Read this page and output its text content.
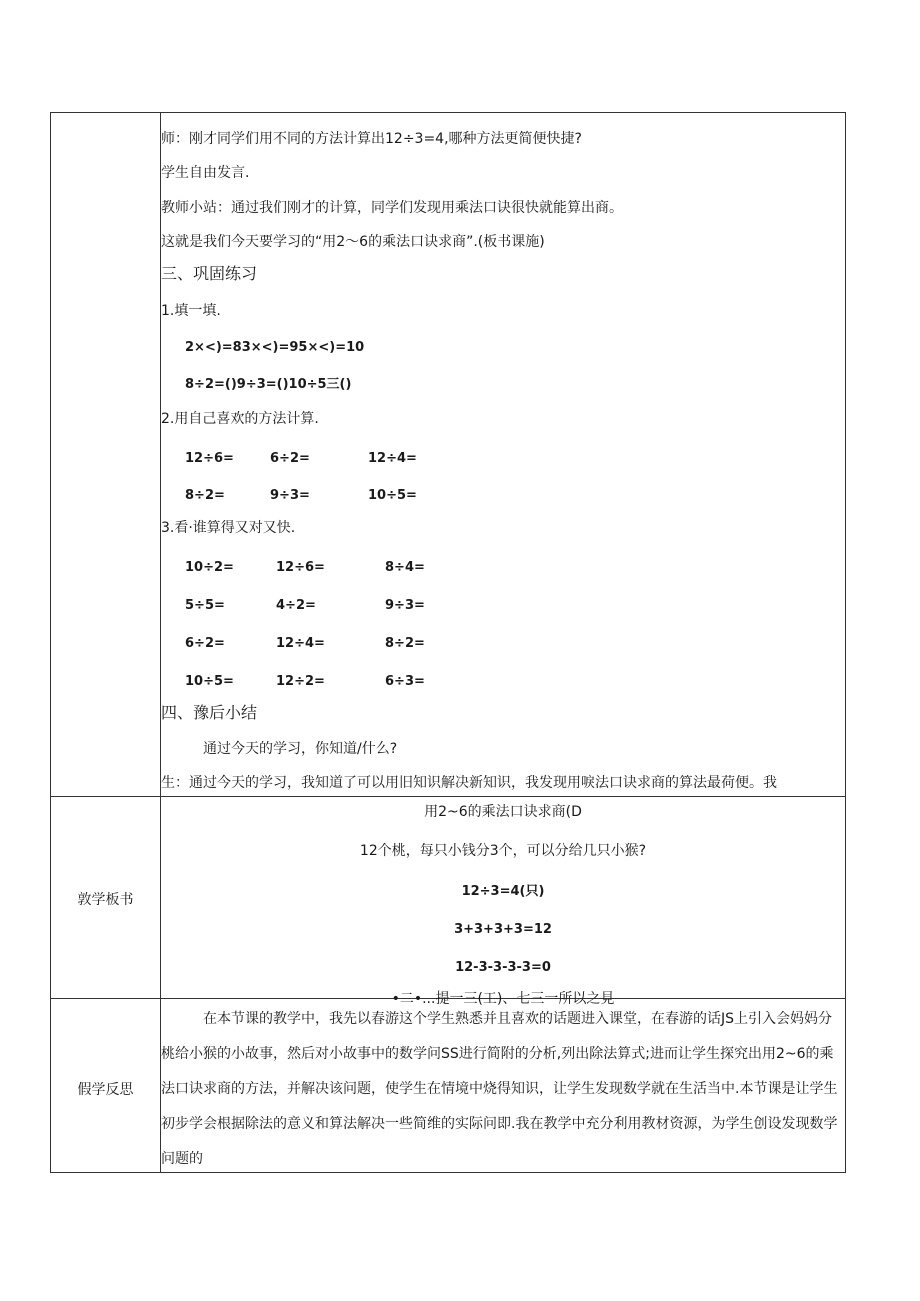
师：刚才同学们用不同的方法计算出12÷3=4,哪种方法更简便快捷?
学生自由发言.
教师小站：通过我们刚才的计算，同学们发现用乘法口诀很快就能算出商。
这就是我们今天要学习的“用2〜6的乘法口诀求商”.(板书课施)
三、巩固练习
1.填一填.
2×<)=83×<)=95×<)=10
8÷2=()9÷3=()10÷5三()
2.用自己喜欢的方法计算.
12÷6=	6÷2=	12÷4=
8÷2=	9÷3=	10÷5=
3.看·谁算得又对又快.
10÷2=	12÷6=	8÷4=
5÷5=	4÷2=	9÷3=
6÷2=	12÷4=	8÷2=
10÷5=	12÷2=	6÷3=
四、豫后小结
通过今天的学习，你知道/什么?
生：通过今天的学习，我知道了可以用旧知识解决新知识，我发现用唳法口诀求商的算法最荷便。我
敦学板书
用2~6的乘法口诀求商(D
12个桃，每只小钱分3个，可以分给几只小猴?
12÷3=4(只)
3+3+3+3=12
12-3-3-3-3=0
•二•...提一三(工)、七三一所以之見
假学反思
在本节课的教学中，我先以春游这个学生熟悉并且喜欢的话题进入课堂，在春游的话JS上引入会妈妈分桃给小猴的小故事，然后对小故事中的数学问SS进行简附的分析,列出除法算式;进而让学生探究出用2~6的乘法口诀求商的方法，并解决该问题，使学生在情境中烧得知识，让学生发现数学就在生活当中.本节课是让学生初步学会根据除法的意义和算法解决一些简维的实际问即.我在教学中充分利用教材资源，为学生创设发现数学问题的
